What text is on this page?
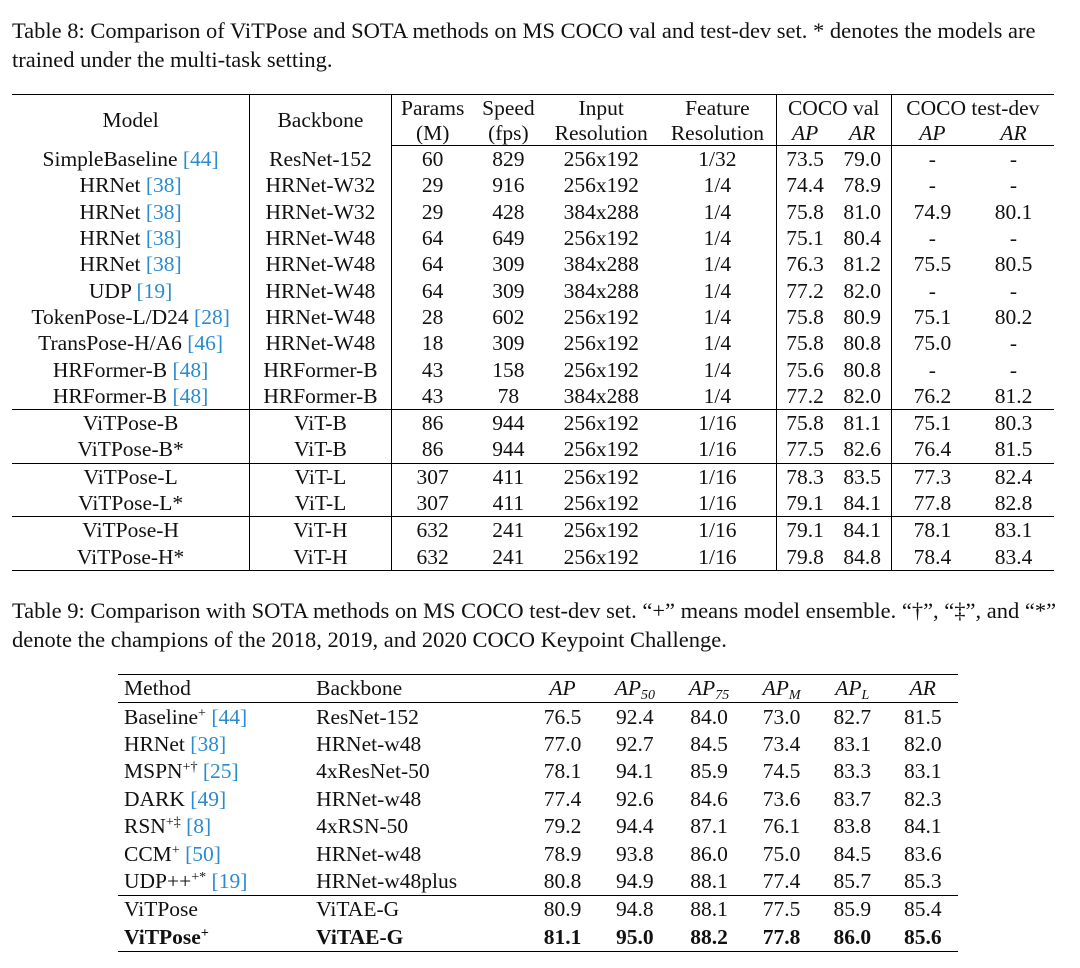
Table 8: Comparison of ViTPose and SOTA methods on MS COCO val and test-dev set. * denotes the models are trained under the multi-task setting.

Model	Backbone	Params	Speed	Input	Feature	COCO val		COCO test-dev	
		(M)	(fps)	Resolution	Resolution	AP	AR	AP	AR
SimpleBaseline [44]	ResNet-152	60	829	256x192	1/32	73.5	79.0	-	-
HRNet [38]	HRNet-W32	29	916	256x192	1/4	74.4	78.9	-	-
HRNet [38]	HRNet-W32	29	428	384x288	1/4	75.8	81.0	74.9	80.1
HRNet [38]	HRNet-W48	64	649	256x192	1/4	75.1	80.4	-	-
HRNet [38]	HRNet-W48	64	309	384x288	1/4	76.3	81.2	75.5	80.5
UDP [19]	HRNet-W48	64	309	384x288	1/4	77.2	82.0	-	-
TokenPose-L/D24 [28]	HRNet-W48	28	602	256x192	1/4	75.8	80.9	75.1	80.2
TransPose-H/A6 [46]	HRNet-W48	18	309	256x192	1/4	75.8	80.8	75.0	-
HRFormer-B [48]	HRFormer-B	43	158	256x192	1/4	75.6	80.8	-	-
HRFormer-B [48]	HRFormer-B	43	78	384x288	1/4	77.2	82.0	76.2	81.2
ViTPose-B	ViT-B	86	944	256x192	1/16	75.8	81.1	75.1	80.3
ViTPose-B*	ViT-B	86	944	256x192	1/16	77.5	82.6	76.4	81.5
ViTPose-L	ViT-L	307	411	256x192	1/16	78.3	83.5	77.3	82.4
ViTPose-L*	ViT-L	307	411	256x192	1/16	79.1	84.1	77.8	82.8
ViTPose-H	ViT-H	632	241	256x192	1/16	79.1	84.1	78.1	83.1
ViTPose-H*	ViT-H	632	241	256x192	1/16	79.8	84.8	78.4	83.4

Table 9: Comparison with SOTA methods on MS COCO test-dev set. “+” means model ensemble. “†”, “‡”, and “*” denote the champions of the 2018, 2019, and 2020 COCO Keypoint Challenge.

Method	Backbone	AP	$AP_{50}$	$AP_{75}$	$AP_M$	$AP_L$	AR
Baseline+ [44]	ResNet-152	76.5	92.4	84.0	73.0	82.7	81.5
HRNet [38]	HRNet-w48	77.0	92.7	84.5	73.4	83.1	82.0
MSPN+† [25]	4xResNet-50	78.1	94.1	85.9	74.5	83.3	83.1
DARK [49]	HRNet-w48	77.4	92.6	84.6	73.6	83.7	82.3
RSN+‡ [8]	4xRSN-50	79.2	94.4	87.1	76.1	83.8	84.1
CCM+ [50]	HRNet-w48	78.9	93.8	86.0	75.0	84.5	83.6
UDP+++* [19]	HRNet-w48plus	80.8	94.9	88.1	77.4	85.7	85.3
ViTPose	ViTAE-G	80.9	94.8	88.1	77.5	85.9	85.4
ViTPose+	ViTAE-G	81.1	95.0	88.2	77.8	86.0	85.6
